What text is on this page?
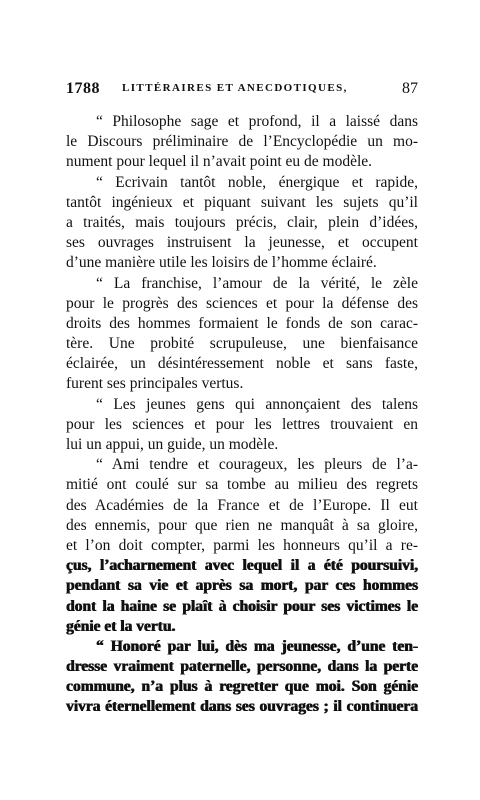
1788 LITTÉRAIRES ET ANECDOTIQUES,	87
“ Philosophe sage et profond, il a laissé dans
le Discours préliminaire de l’Encyclopédie un mo-
nument pour lequel il n’avait point eu de modèle.
“ Ecrivain tantôt noble, énergique et rapide,
tantôt ingénieux et piquant suivant les sujets qu’il
a traités, mais toujours précis, clair, plein d’idées,
ses ouvrages instruisent la jeunesse, et occupent
d’une manière utile les loisirs de l’homme éclairé.
“ La franchise, l’amour de la vérité, le zèle
pour le progrès des sciences et pour la défense des
droits des hommes formaient le fonds de son carac-
tère. Une probité scrupuleuse, une bienfaisance
éclairée, un désintéressement noble et sans faste,
furent ses principales vertus.
“ Les jeunes gens qui annonçaient des talens
pour les sciences et pour les lettres trouvaient en
lui un appui, un guide, un modèle.
“ Ami tendre et courageux, les pleurs de l’a-
mitié ont coulé sur sa tombe au milieu des regrets
des Académies de la France et de l’Europe. Il eut
des ennemis, pour que rien ne manquât à sa gloire,
et l’on doit compter, parmi les honneurs qu’il a re-
çus, l’acharnement avec lequel il a été poursuivi,
pendant sa vie et après sa mort, par ces hommes
dont la haine se plaît à choisir pour ses victimes le
génie et la vertu.
“ Honoré par lui, dès ma jeunesse, d’une ten-
dresse vraiment paternelle, personne, dans la perte
commune, n’a plus à regretter que moi. Son génie
vivra éternellement dans ses ouvrages ; il continuera
